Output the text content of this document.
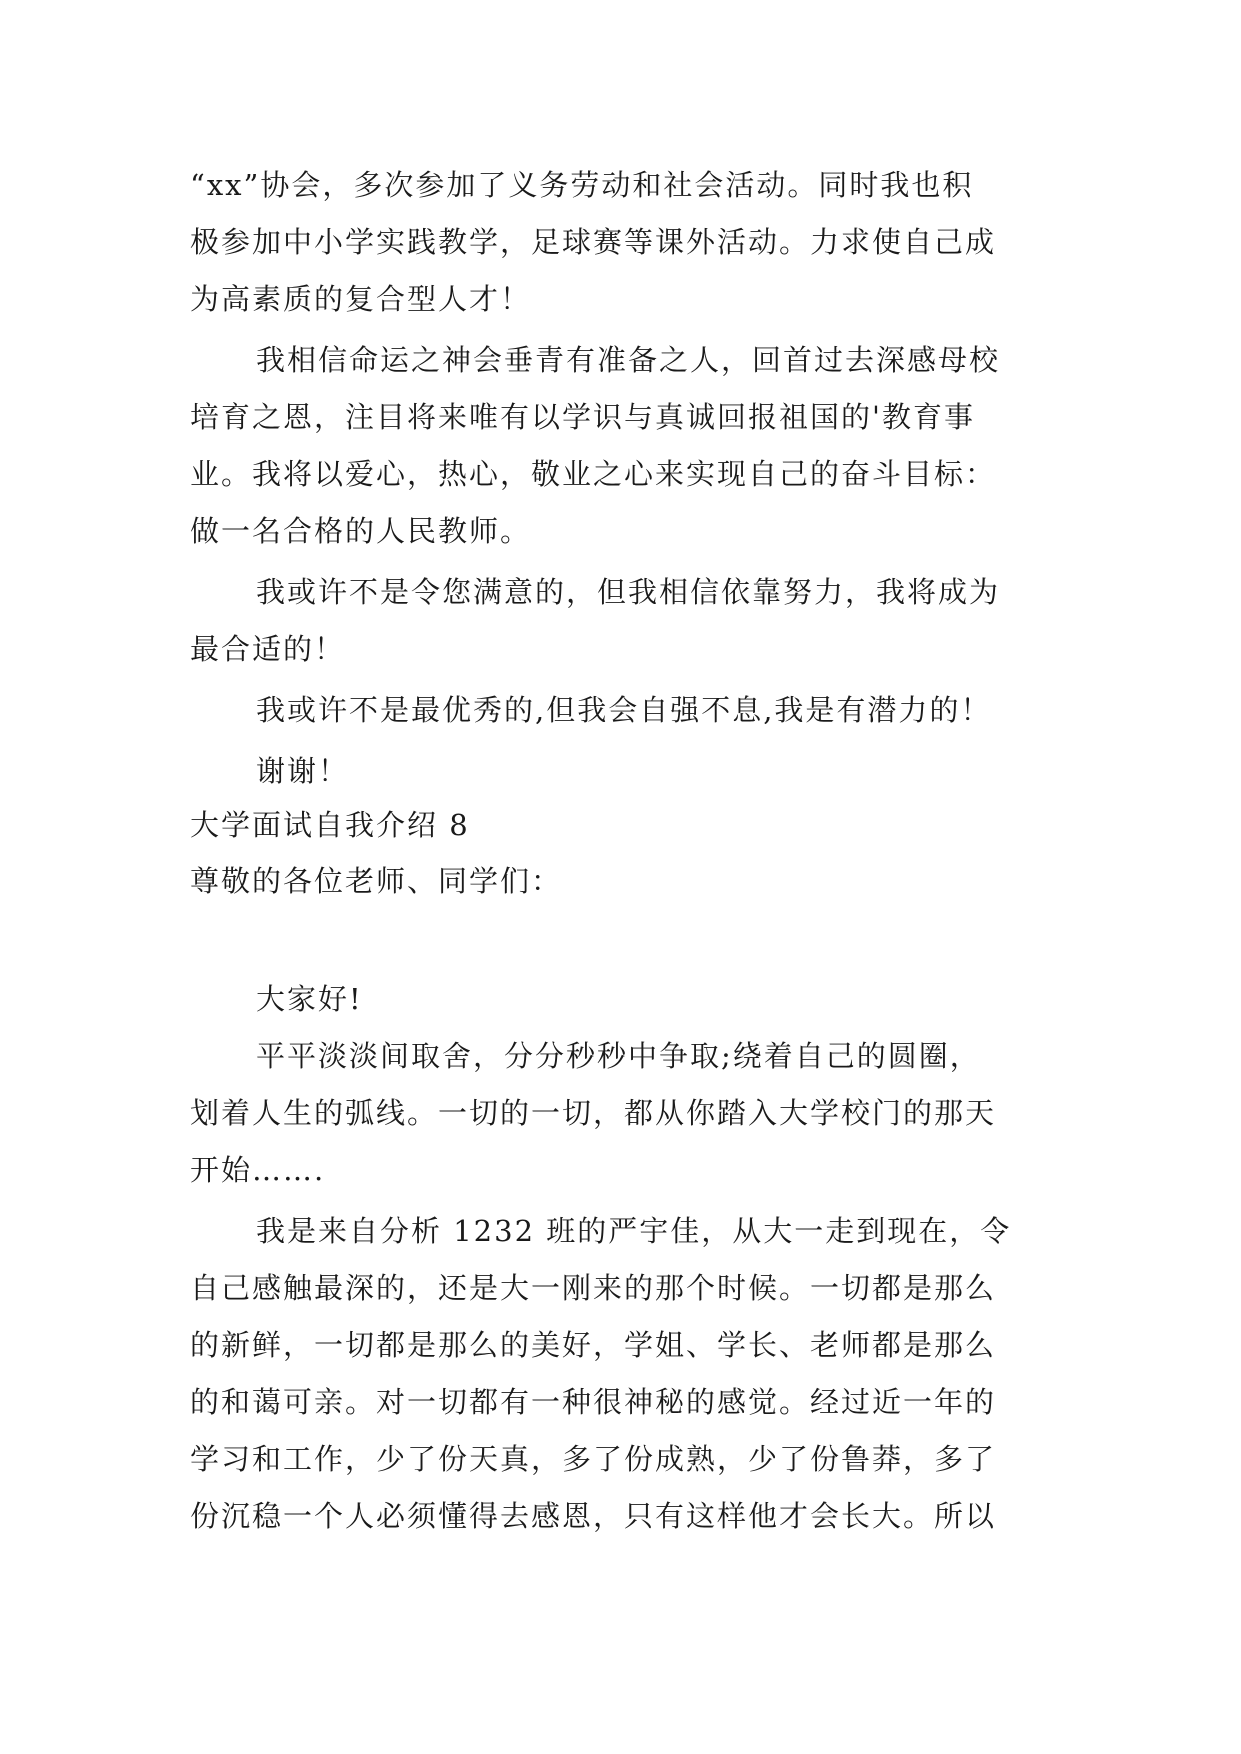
“xx”协会，多次参加了义务劳动和社会活动。同时我也积
极参加中小学实践教学，足球赛等课外活动。力求使自己成
为高素质的复合型人才！
我相信命运之神会垂青有准备之人，回首过去深感母校
培育之恩，注目将来唯有以学识与真诚回报祖国的'教育事
业。我将以爱心，热心，敬业之心来实现自己的奋斗目标：
做一名合格的人民教师。
我或许不是令您满意的，但我相信依靠努力，我将成为
最合适的！
我或许不是最优秀的,但我会自强不息,我是有潜力的！
谢谢！
大学面试自我介绍 8
尊敬的各位老师、同学们：
大家好!
平平淡淡间取舍，分分秒秒中争取;绕着自己的圆圈，
划着人生的弧线。一切的一切，都从你踏入大学校门的那天
开始…….
我是来自分析 1232 班的严宇佳，从大一走到现在，令
自己感触最深的，还是大一刚来的那个时候。一切都是那么
的新鲜，一切都是那么的美好，学姐、学长、老师都是那么
的和蔼可亲。对一切都有一种很神秘的感觉。经过近一年的
学习和工作，少了份天真，多了份成熟，少了份鲁莽，多了
份沉稳一个人必须懂得去感恩，只有这样他才会长大。所以
